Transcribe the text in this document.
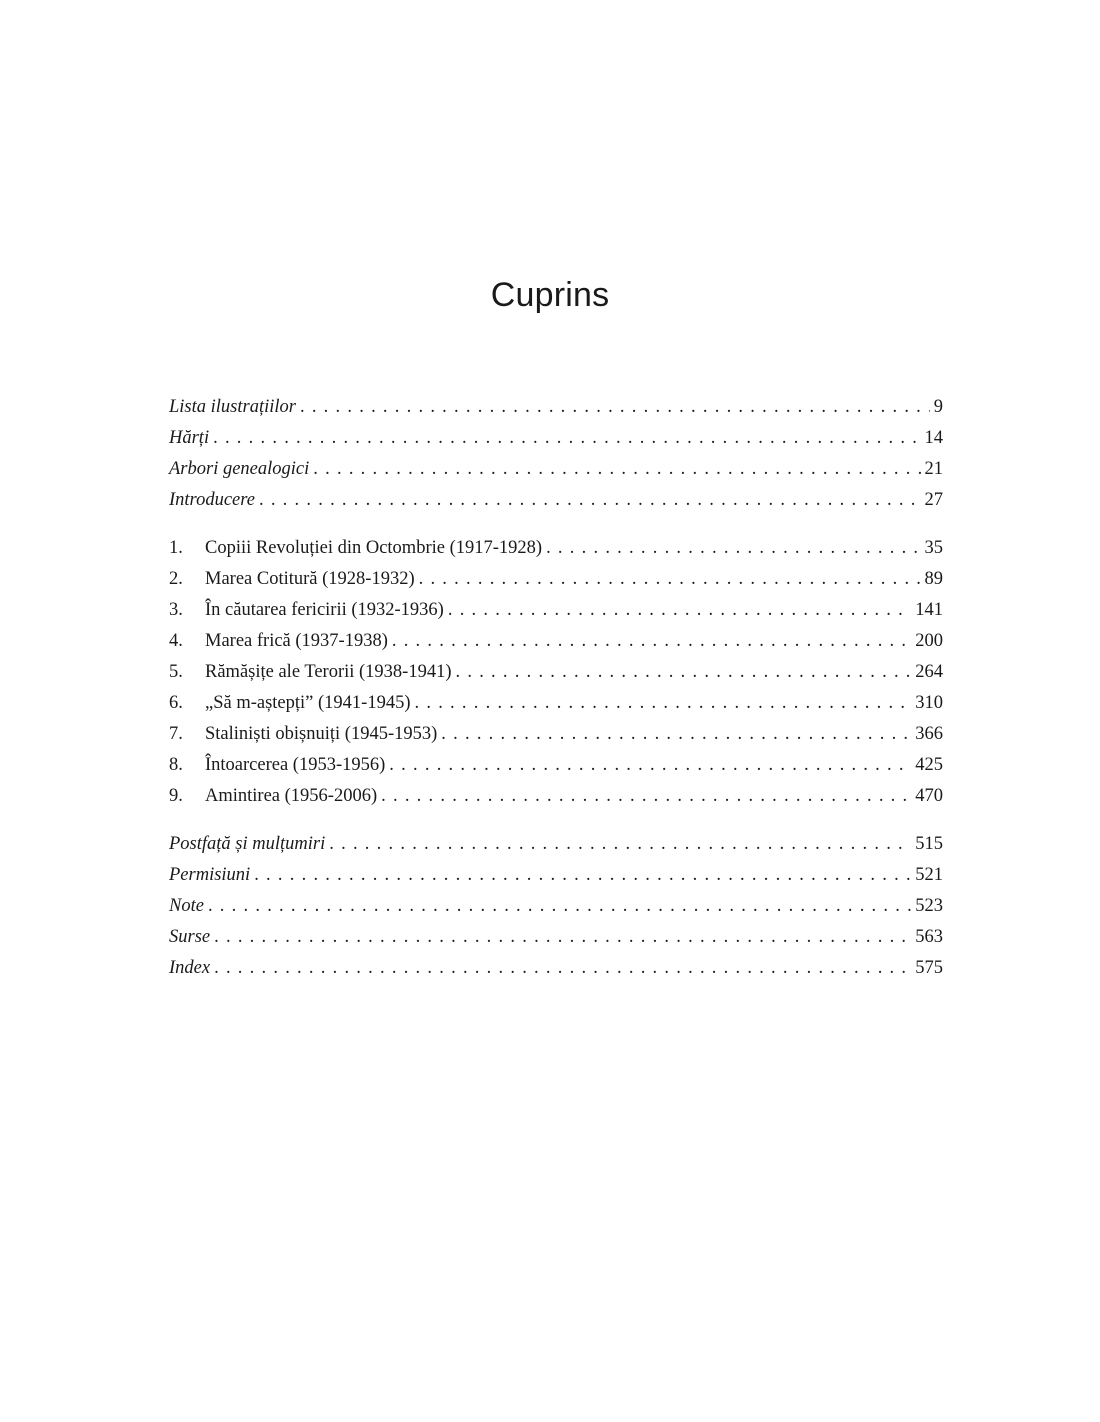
Cuprins
Lista ilustrațiilor . . .	9
Hărți . . .	14
Arbori genealogici . . .	21
Introducere . . .	27
1.	Copiii Revoluției din Octombrie (1917-1928) . . .	35
2.	Marea Cotitură (1928-1932) . . .	89
3.	În căutarea fericirii (1932-1936) . . .	141
4.	Marea frică (1937-1938) . . .	200
5.	Rămășițe ale Terorii (1938-1941) . . .	264
6.	„Să m-aștepți” (1941-1945) . . .	310
7.	Staliniști obișnuiți (1945-1953) . . .	366
8.	Întoarcerea (1953-1956) . . .	425
9.	Amintirea (1956-2006) . . .	470
Postfață și mulțumiri . . .	515
Permisiuni . . .	521
Note . . .	523
Surse . . .	563
Index . . .	575
